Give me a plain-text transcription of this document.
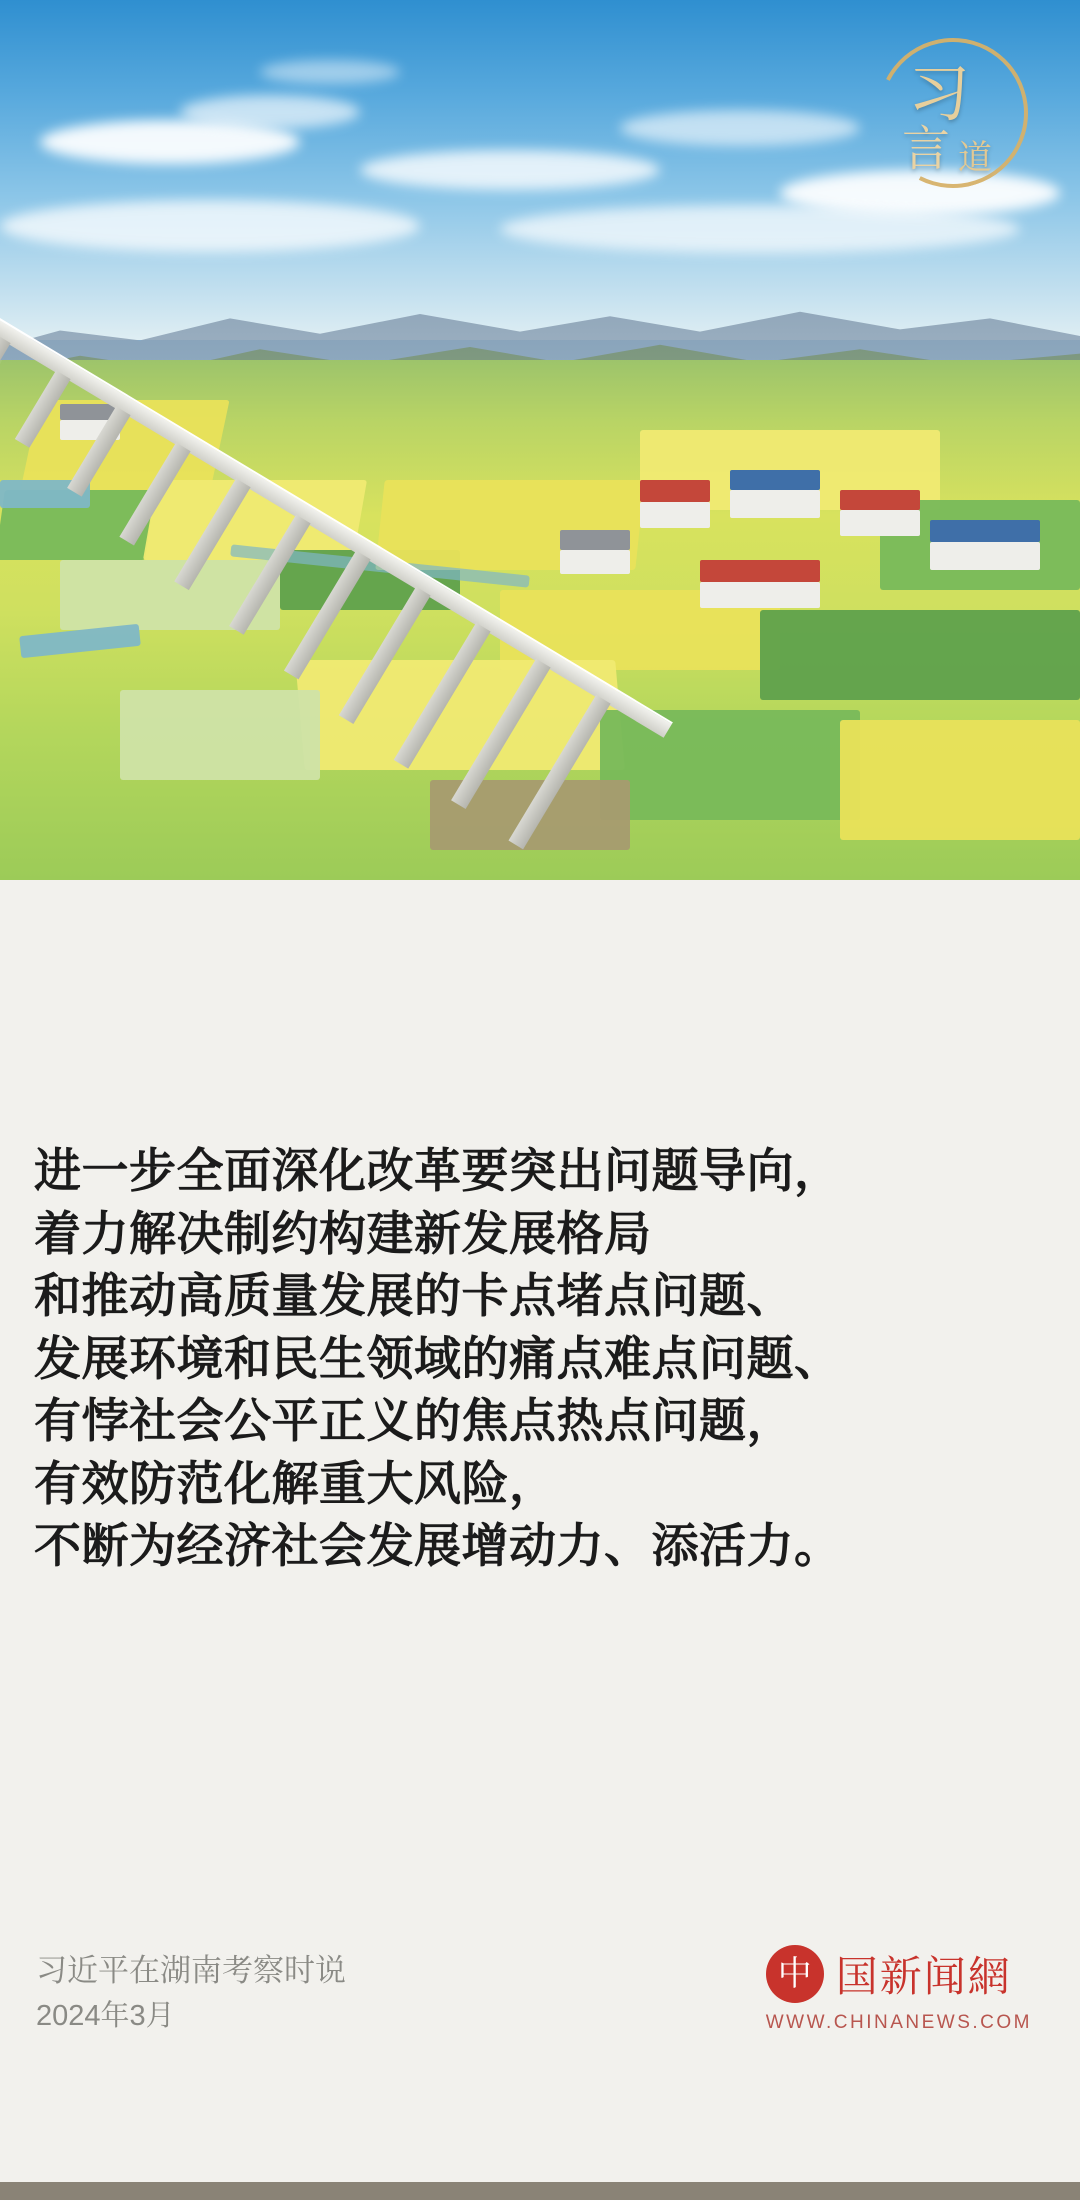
习
言 道
进一步全面深化改革要突出问题导向，
着力解决制约构建新发展格局
和推动高质量发展的卡点堵点问题、
发展环境和民生领域的痛点难点问题、
有悖社会公平正义的焦点热点问题，
有效防范化解重大风险，
不断为经济社会发展增动力、添活力。
习近平在湖南考察时说
2024年3月
中 国新闻網
WWW.CHINANEWS.COM
